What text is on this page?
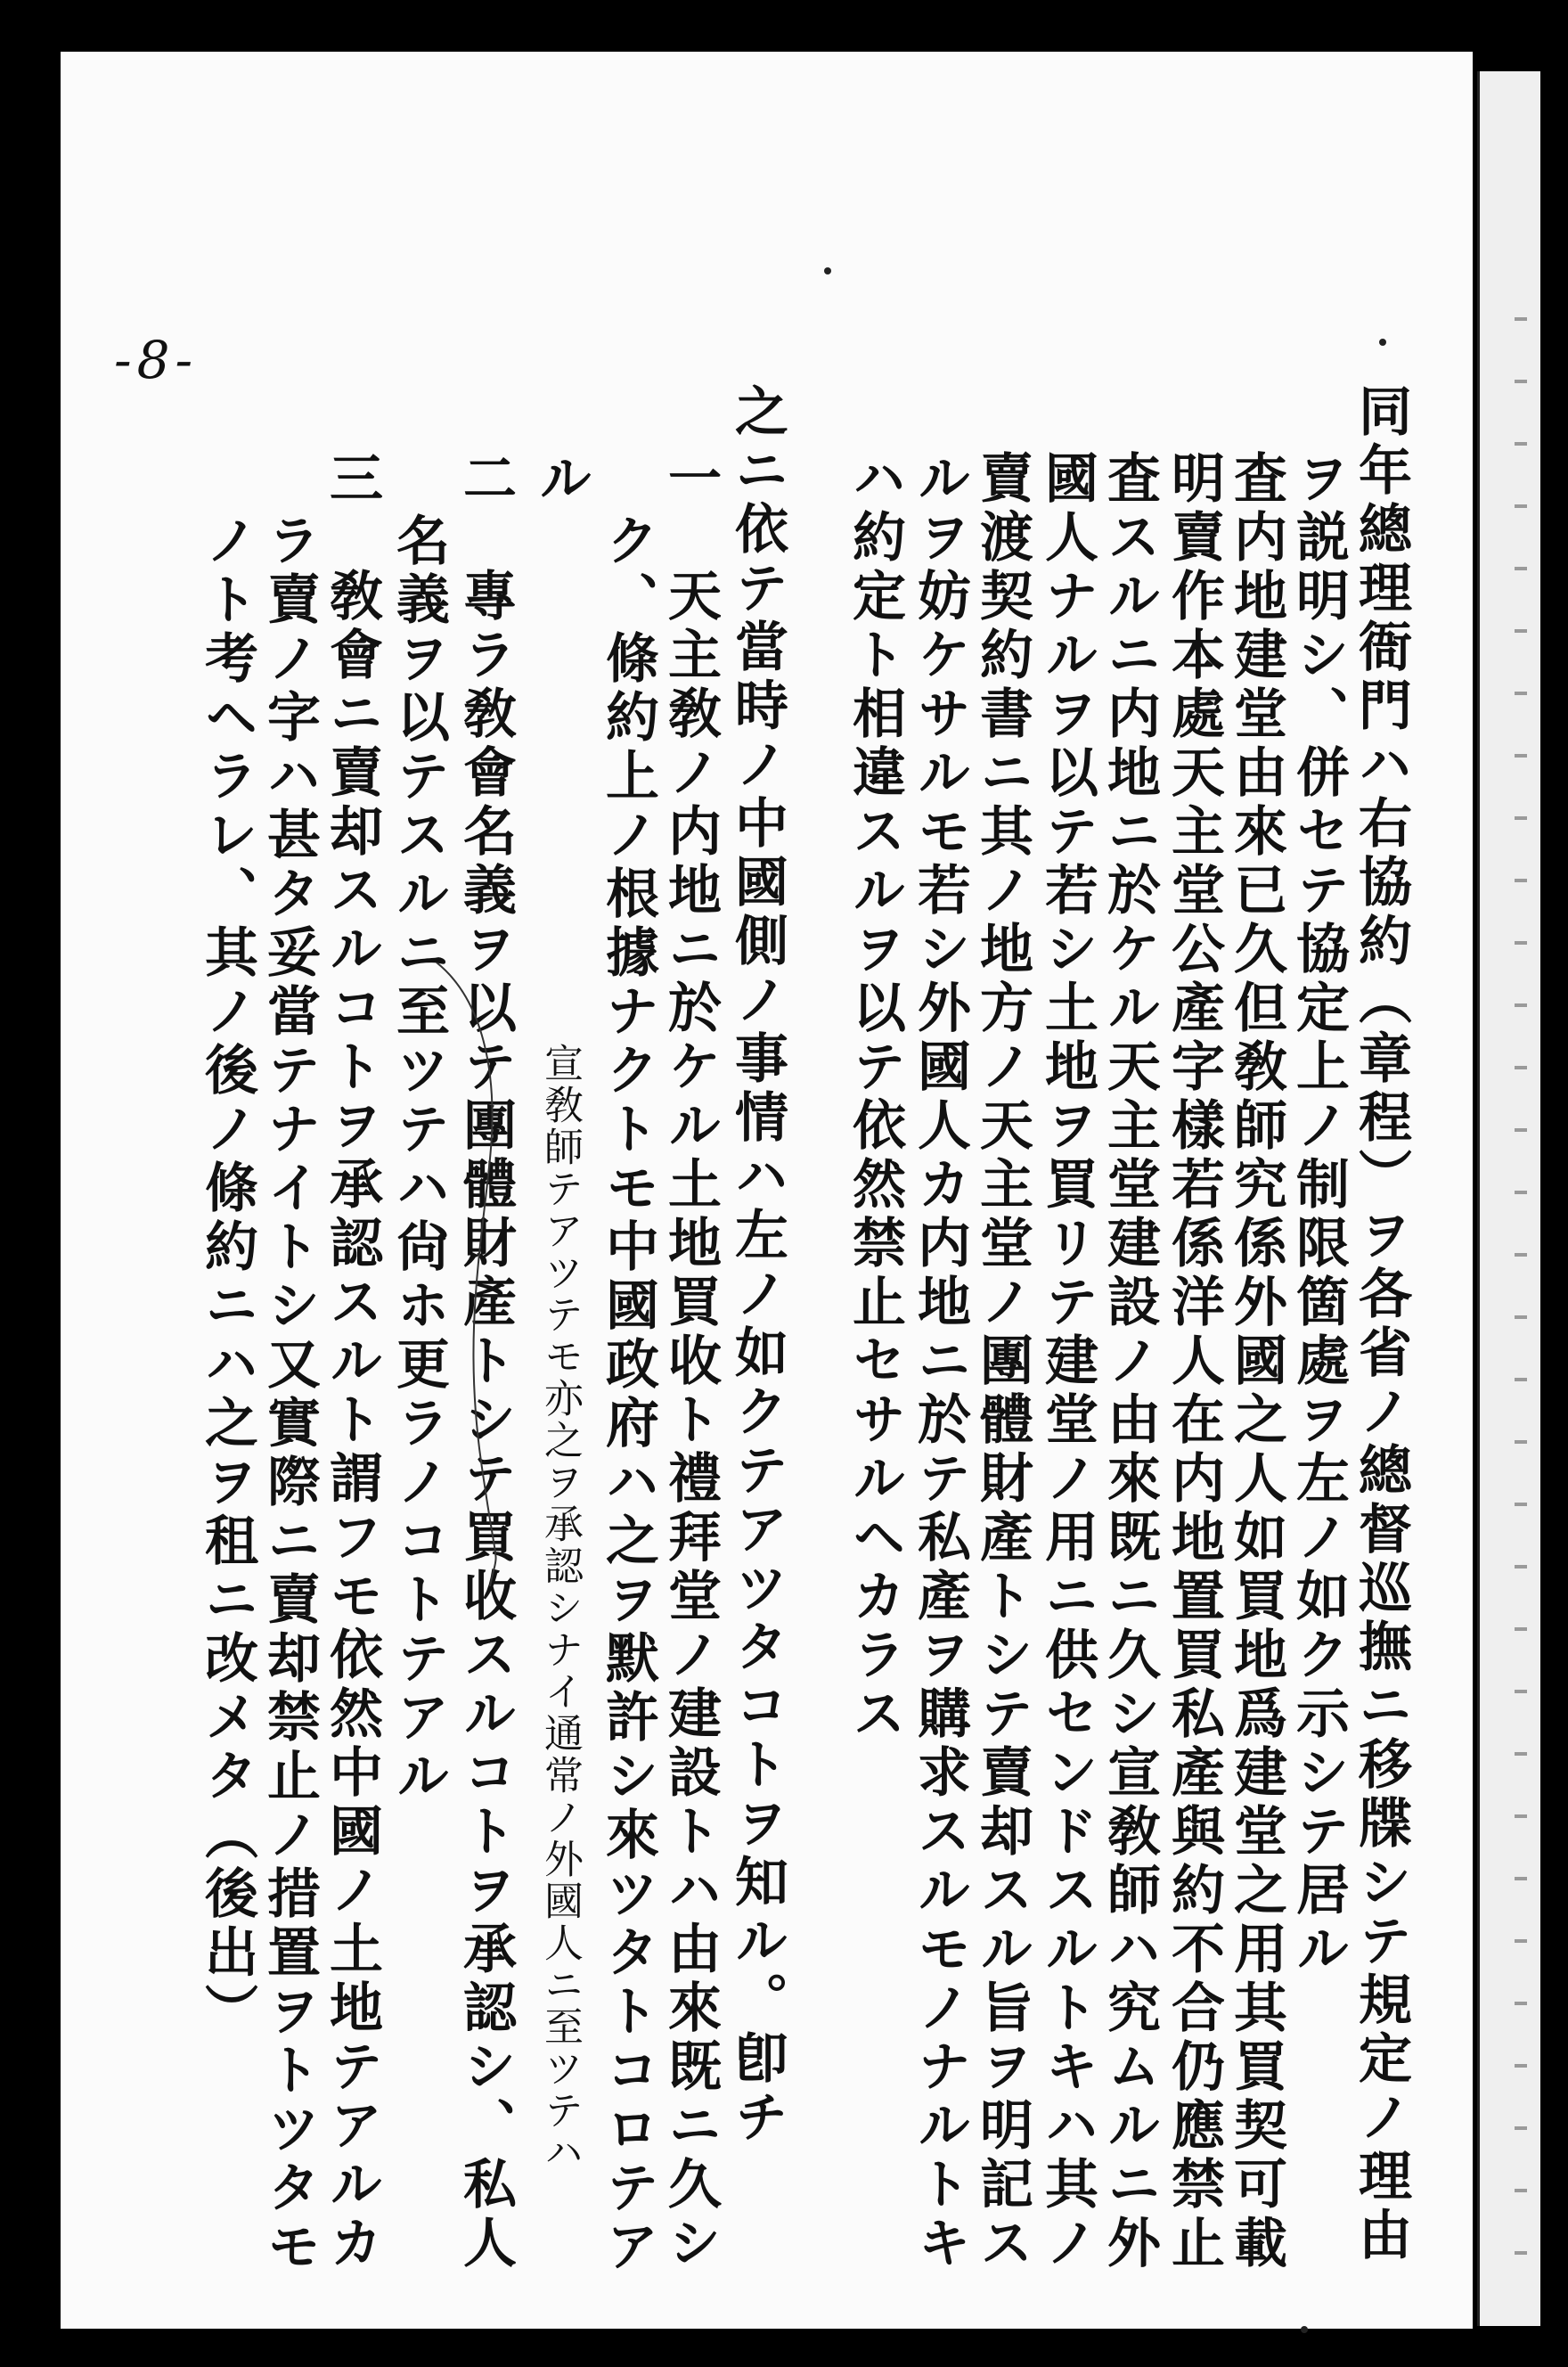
-8-
同年總理衙門ハ右協約（章程）ヲ各省ノ總督巡撫ニ移牒シテ規定ノ理由
ヲ説明シ、併セテ協定上ノ制限箇處ヲ左ノ如ク示シテ居ル
査内地建堂由來已久但敎師究係外國之人如買地爲建堂之用其買契可載
明賣作本處天主堂公產字樣若係洋人在内地置買私產與約不合仍應禁止
査スルニ内地ニ於ケル天主堂建設ノ由來既ニ久シ宣敎師ハ究ムルニ外
國人ナルヲ以テ若シ土地ヲ買リテ建堂ノ用ニ供センドスルトキハ其ノ
賣渡契約書ニ其ノ地方ノ天主堂ノ團體財產トシテ賣却スル旨ヲ明記ス
ルヲ妨ケサルモ若シ外國人カ内地ニ於テ私產ヲ購求スルモノナルトキ
ハ約定ト相違スルヲ以テ依然禁止セサルヘカラス
之ニ依テ當時ノ中國側ノ事情ハ左ノ如クテアツタコトヲ知ル。卽チ
一　天主敎ノ内地ニ於ケル土地買收ト禮拜堂ノ建設トハ由來既ニ久シ
ク、條約上ノ根據ナクトモ中國政府ハ之ヲ默許シ來ツタトコロテア
ル
宣敎師テアツテモ亦之ヲ承認シナイ通常ノ外國人ニ至ツテハ
二　專ラ敎會名義ヲ以テ團體財產トシテ買收スルコトヲ承認シ、私人
名義ヲ以テスルニ至ツテハ尙ホ更ラノコトテアル
三　敎會ニ賣却スルコトヲ承認スルト謂フモ依然中國ノ土地テアルカ
ラ賣ノ字ハ甚タ妥當テナイトシ又實際ニ賣却禁止ノ措置ヲトツタモ
ノト考ヘラレ、其ノ後ノ條約ニハ之ヲ租ニ改メタ（後出）
